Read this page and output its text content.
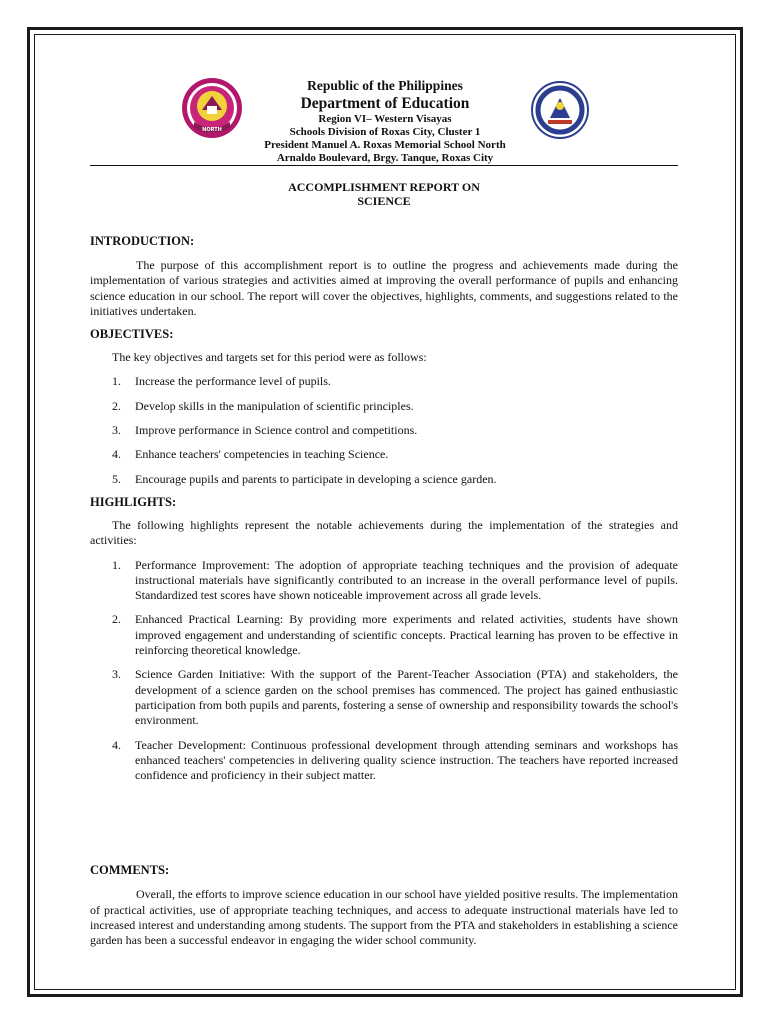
NORTH
Republic of the Philippines
Department of Education
Region VI– Western Visayas
Schools Division of Roxas City, Cluster 1
President Manuel A. Roxas Memorial School North
Arnaldo Boulevard, Brgy. Tanque, Roxas City
ACCOMPLISHMENT REPORT ON
SCIENCE
INTRODUCTION:

The purpose of this accomplishment report is to outline the progress and achievements made during the implementation of various strategies and activities aimed at improving the overall performance of pupils and enhancing science education in our school. The report will cover the objectives, highlights, comments, and suggestions related to the initiatives undertaken.

OBJECTIVES:

The key objectives and targets set for this period were as follows:

1. Increase the performance level of pupils.
2. Develop skills in the manipulation of scientific principles.
3. Improve performance in Science control and competitions.
4. Enhance teachers' competencies in teaching Science.
5. Encourage pupils and parents to participate in developing a science garden.
HIGHLIGHTS:

The following highlights represent the notable achievements during the implementation of the strategies and activities:

1. Performance Improvement: The adoption of appropriate teaching techniques and the provision of adequate instructional materials have significantly contributed to an increase in the overall performance level of pupils. Standardized test scores have shown noticeable improvement across all grade levels.
2. Enhanced Practical Learning: By providing more experiments and related activities, students have shown improved engagement and understanding of scientific concepts. Practical learning has proven to be effective in reinforcing theoretical knowledge.
3. Science Garden Initiative: With the support of the Parent-Teacher Association (PTA) and stakeholders, the development of a science garden on the school premises has commenced. The project has gained enthusiastic participation from both pupils and parents, fostering a sense of ownership and responsibility towards the school's environment.
4. Teacher Development: Continuous professional development through attending seminars and workshops has enhanced teachers' competencies in delivering quality science instruction. The teachers have reported increased confidence and proficiency in their subject matter.
COMMENTS:

Overall, the efforts to improve science education in our school have yielded positive results. The implementation of practical activities, use of appropriate teaching techniques, and access to adequate instructional materials have led to increased interest and understanding among students. The support from the PTA and stakeholders in establishing a science garden has been a successful endeavor in engaging the wider school community.
